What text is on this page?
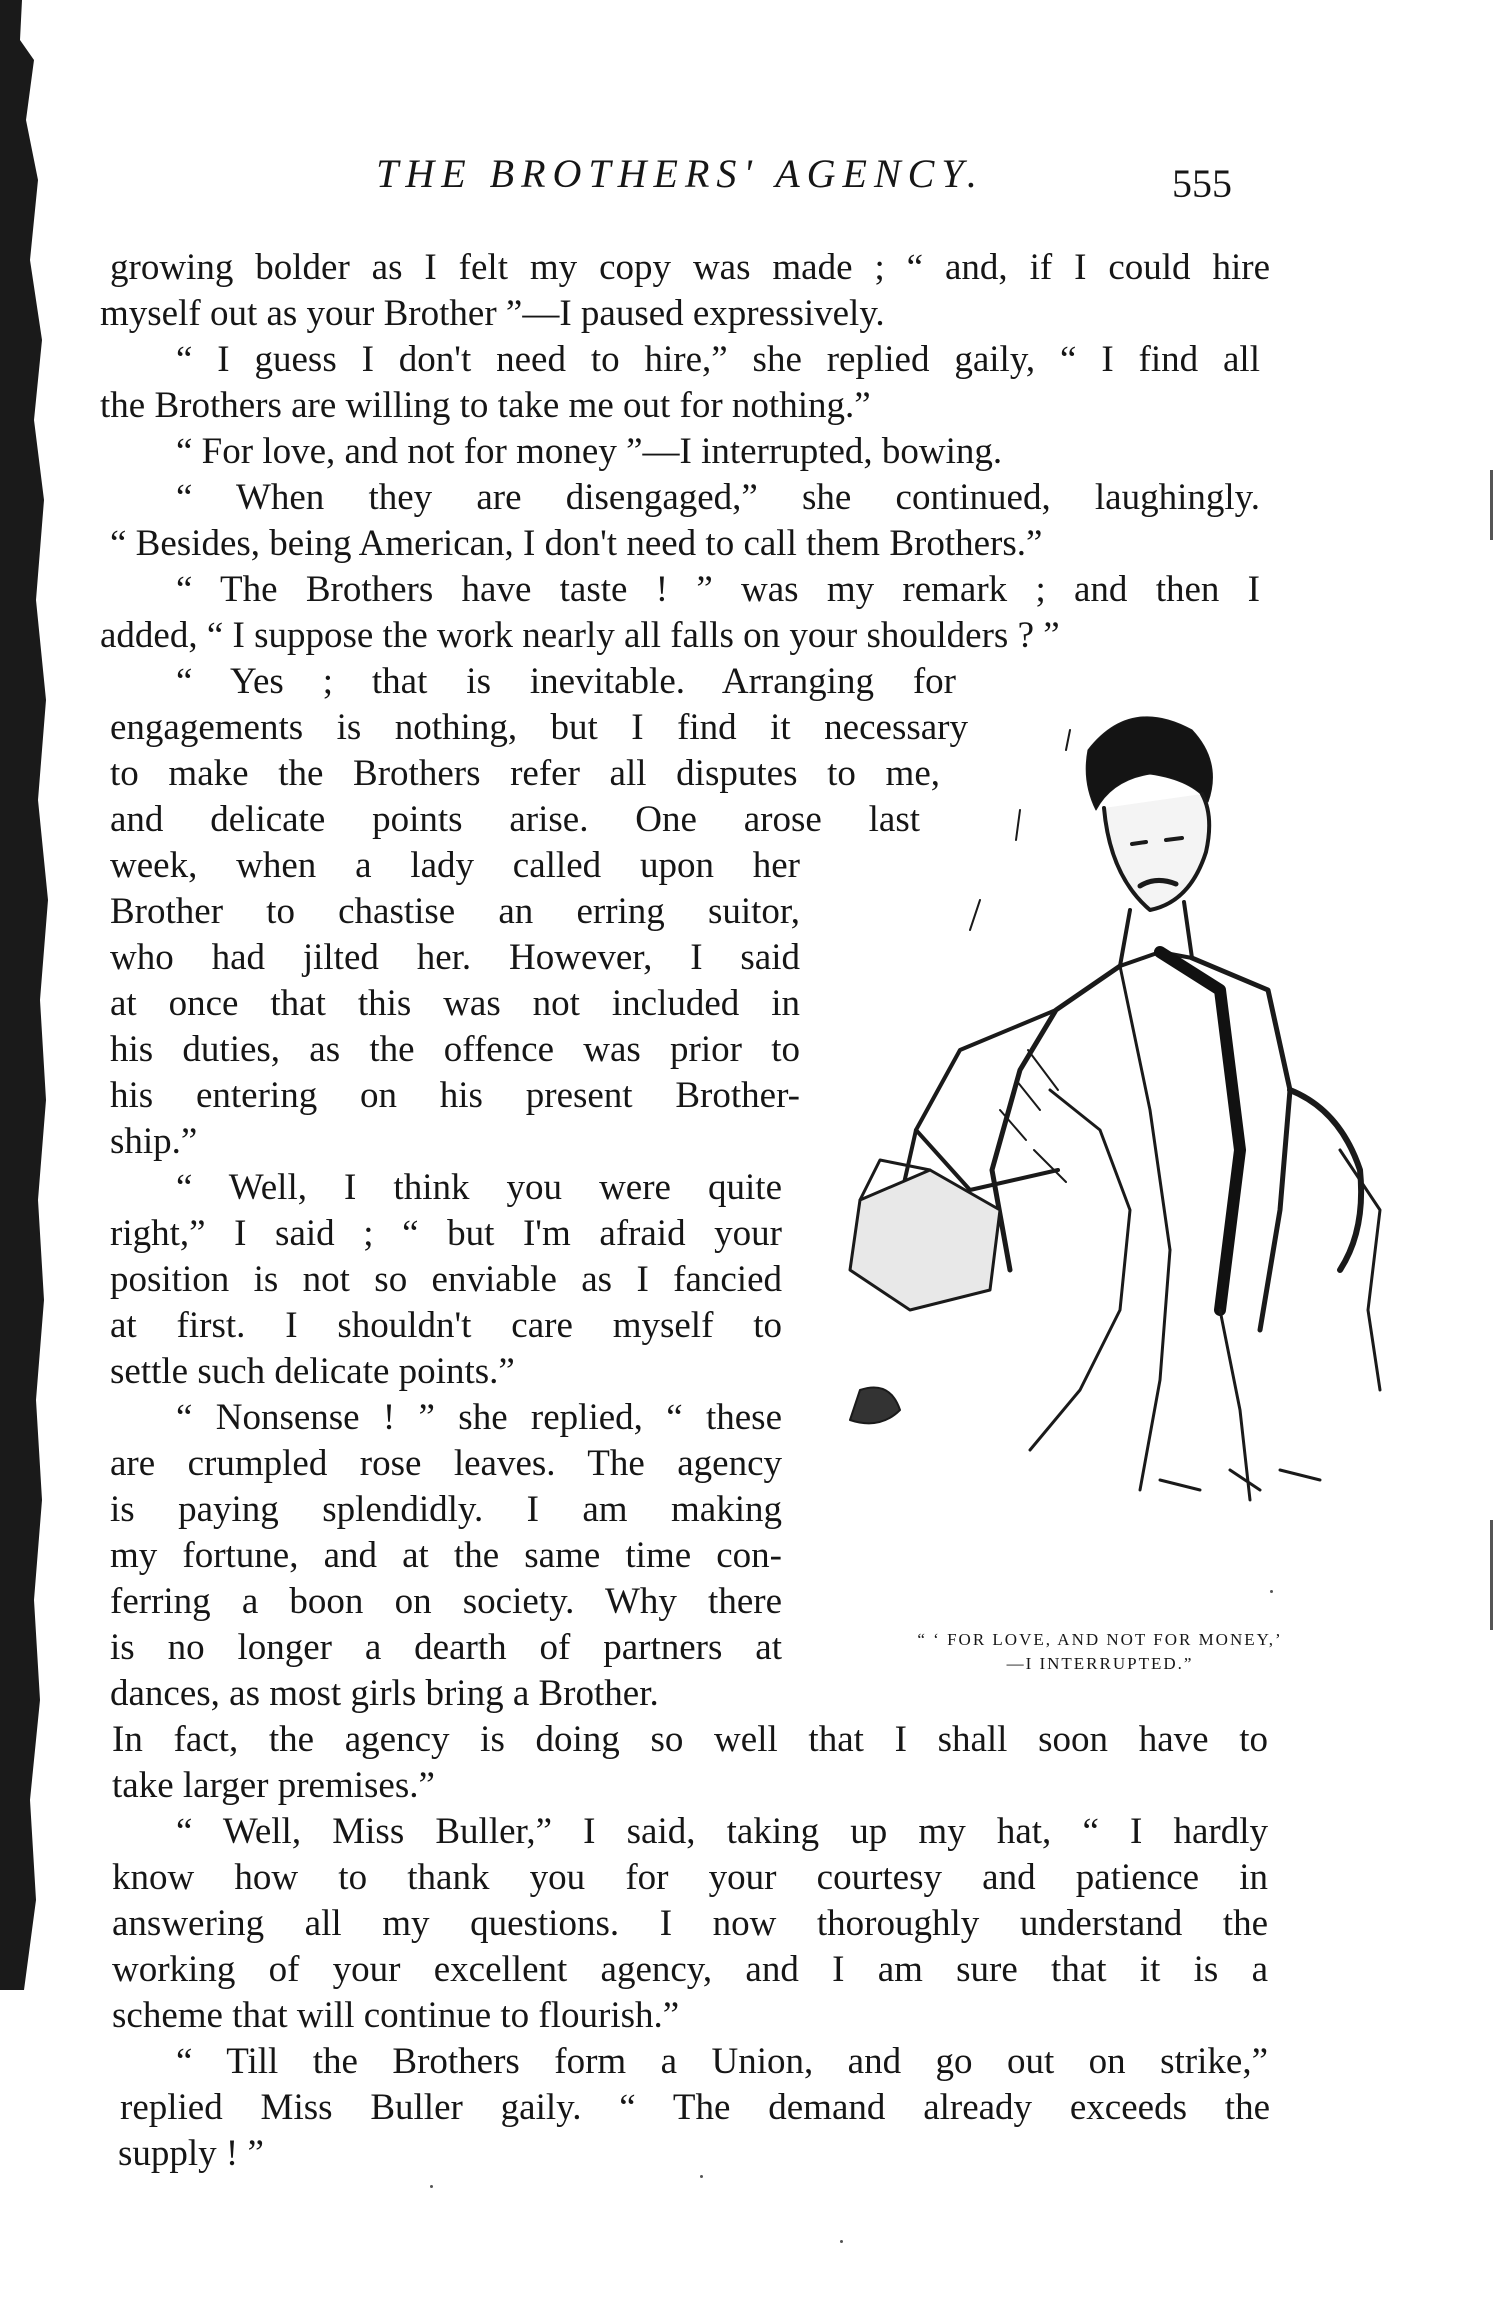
THE BROTHERS' AGENCY.	555
growing bolder as I felt my copy was made ; “ and, if I could hire
myself out as your Brother ”—I paused expressively.
“ I guess I don't need to hire,” she replied gaily, “ I find all
the Brothers are willing to take me out for nothing.”
“ For love, and not for money ”—I interrupted, bowing.
“ When they are disengaged,” she continued, laughingly.
“ Besides, being American, I don't need to call them Brothers.”
“ The Brothers have taste ! ” was my remark ; and then I
added, “ I suppose the work nearly all falls on your shoulders ? ”
“ Yes ; that is inevitable. Arranging for
engagements is nothing, but I find it necessary
to make the Brothers refer all disputes to me,
and delicate points arise. One arose last
week, when a lady called upon her
Brother to chastise an erring suitor,
who had jilted her. However, I said
at once that this was not included in
his duties, as the offence was prior to
his entering on his present Brother-
ship.”
“ Well, I think you were quite
right,” I said ; “ but I'm afraid your
position is not so enviable as I fancied
at first. I shouldn't care myself to
settle such delicate points.”
“ Nonsense ! ” she replied, “ these
are crumpled rose leaves. The agency
is paying splendidly. I am making
my fortune, and at the same time con-
ferring a boon on society. Why there
is no longer a dearth of partners at
dances, as most girls bring a Brother.
In fact, the agency is doing so well that I shall soon have to
take larger premises.”
“ Well, Miss Buller,” I said, taking up my hat, “ I hardly
know how to thank you for your courtesy and patience in
answering all my questions. I now thoroughly understand the
working of your excellent agency, and I am sure that it is a
scheme that will continue to flourish.”
“ Till the Brothers form a Union, and go out on strike,”
replied Miss Buller gaily. “ The demand already exceeds the
supply ! ”
“ ‘ FOR LOVE, AND NOT FOR MONEY,’
—I INTERRUPTED.”
